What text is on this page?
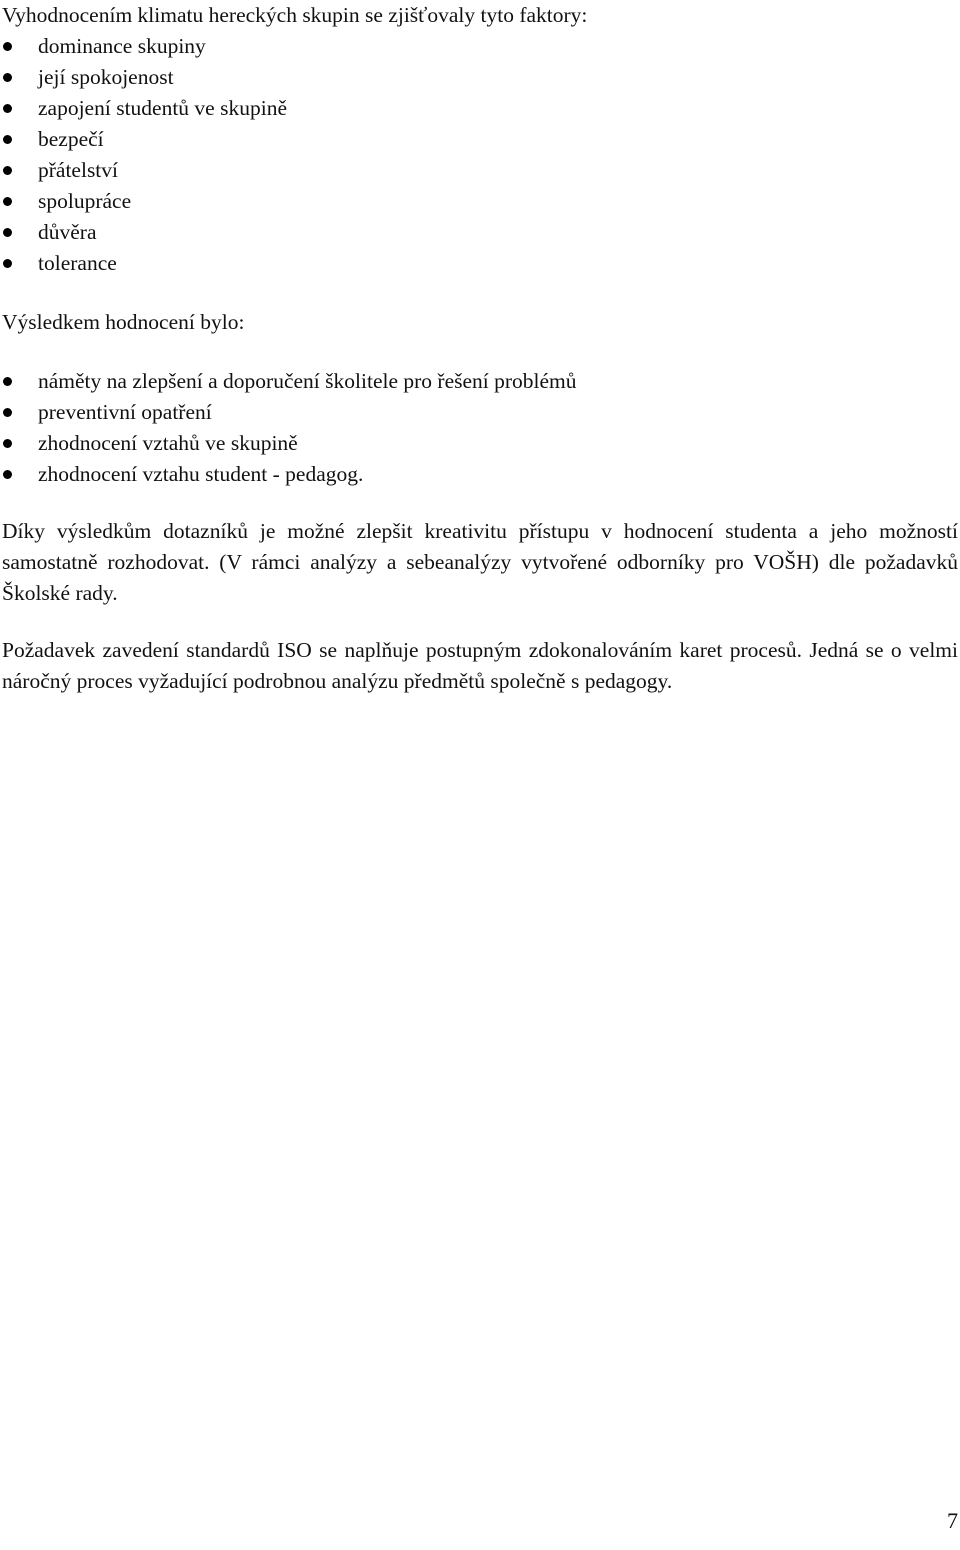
Vyhodnocením klimatu hereckých skupin se zjišťovaly tyto faktory:
dominance skupiny
její spokojenost
zapojení studentů ve skupině
bezpečí
přátelství
spolupráce
důvěra
tolerance
Výsledkem hodnocení bylo:
náměty na zlepšení a doporučení školitele pro řešení problémů
preventivní opatření
zhodnocení vztahů ve skupině
zhodnocení vztahu student - pedagog.

Díky výsledkům dotazníků je možné zlepšit kreativitu přístupu v hodnocení studenta a jeho možností samostatně rozhodovat. (V rámci analýzy a sebeanalýzy vytvořené odborníky pro VOŠH) dle požadavků Školské rady.

Požadavek zavedení standardů ISO se naplňuje postupným zdokonalováním karet procesů. Jedná se o velmi náročný proces vyžadující podrobnou analýzu předmětů společně s pedagogy.

7
